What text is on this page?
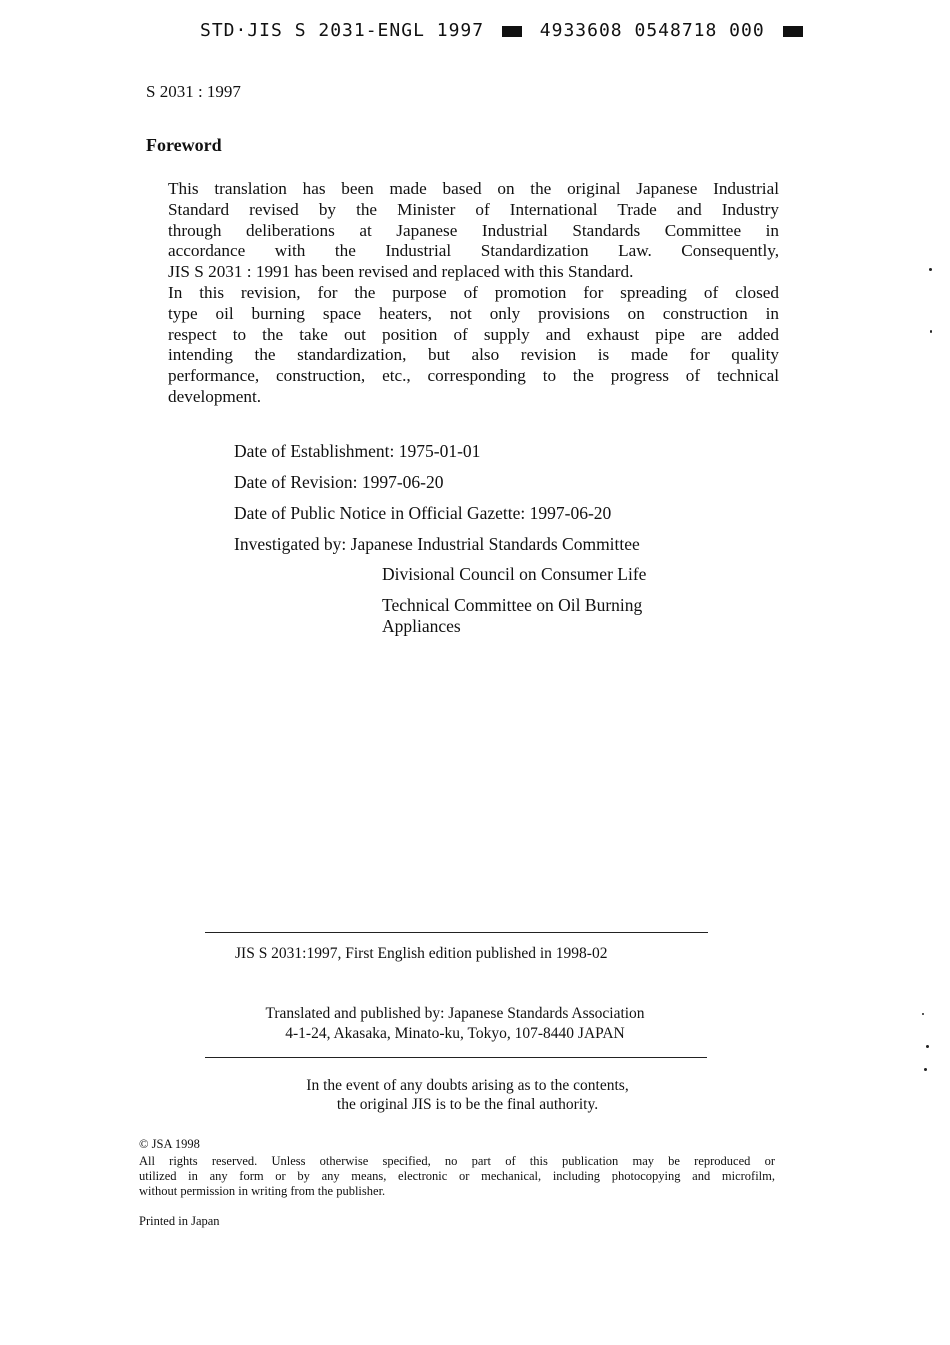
STD·JIS S 2031-ENGL 1997	4933608 0548718 000
S 2031 : 1997
Foreword
This translation has been made based on the original Japanese Industrial
Standard revised by the Minister of International Trade and Industry
through deliberations at Japanese Industrial Standards Committee in
accordance with the Industrial Standardization Law. Consequently,
JIS S 2031 : 1991 has been revised and replaced with this Standard.
In this revision, for the purpose of promotion for spreading of closed
type oil burning space heaters, not only provisions on construction in
respect to the take out position of supply and exhaust pipe are added
intending the standardization, but also revision is made for quality
performance, construction, etc., corresponding to the progress of technical
development.
Date of Establishment: 1975-01-01
Date of Revision: 1997-06-20
Date of Public Notice in Official Gazette: 1997-06-20
Investigated by: Japanese Industrial Standards Committee
Divisional Council on Consumer Life
Technical Committee on Oil Burning
Appliances
JIS S 2031:1997, First English edition published in 1998-02
Translated and published by: Japanese Standards Association
4-1-24, Akasaka, Minato-ku, Tokyo, 107-8440 JAPAN
In the event of any doubts arising as to the contents,
the original JIS is to be the final authority.
© JSA 1998
All rights reserved. Unless otherwise specified, no part of this publication may be reproduced or
utilized in any form or by any means, electronic or mechanical, including photocopying and microfilm,
without permission in writing from the publisher.
Printed in Japan
